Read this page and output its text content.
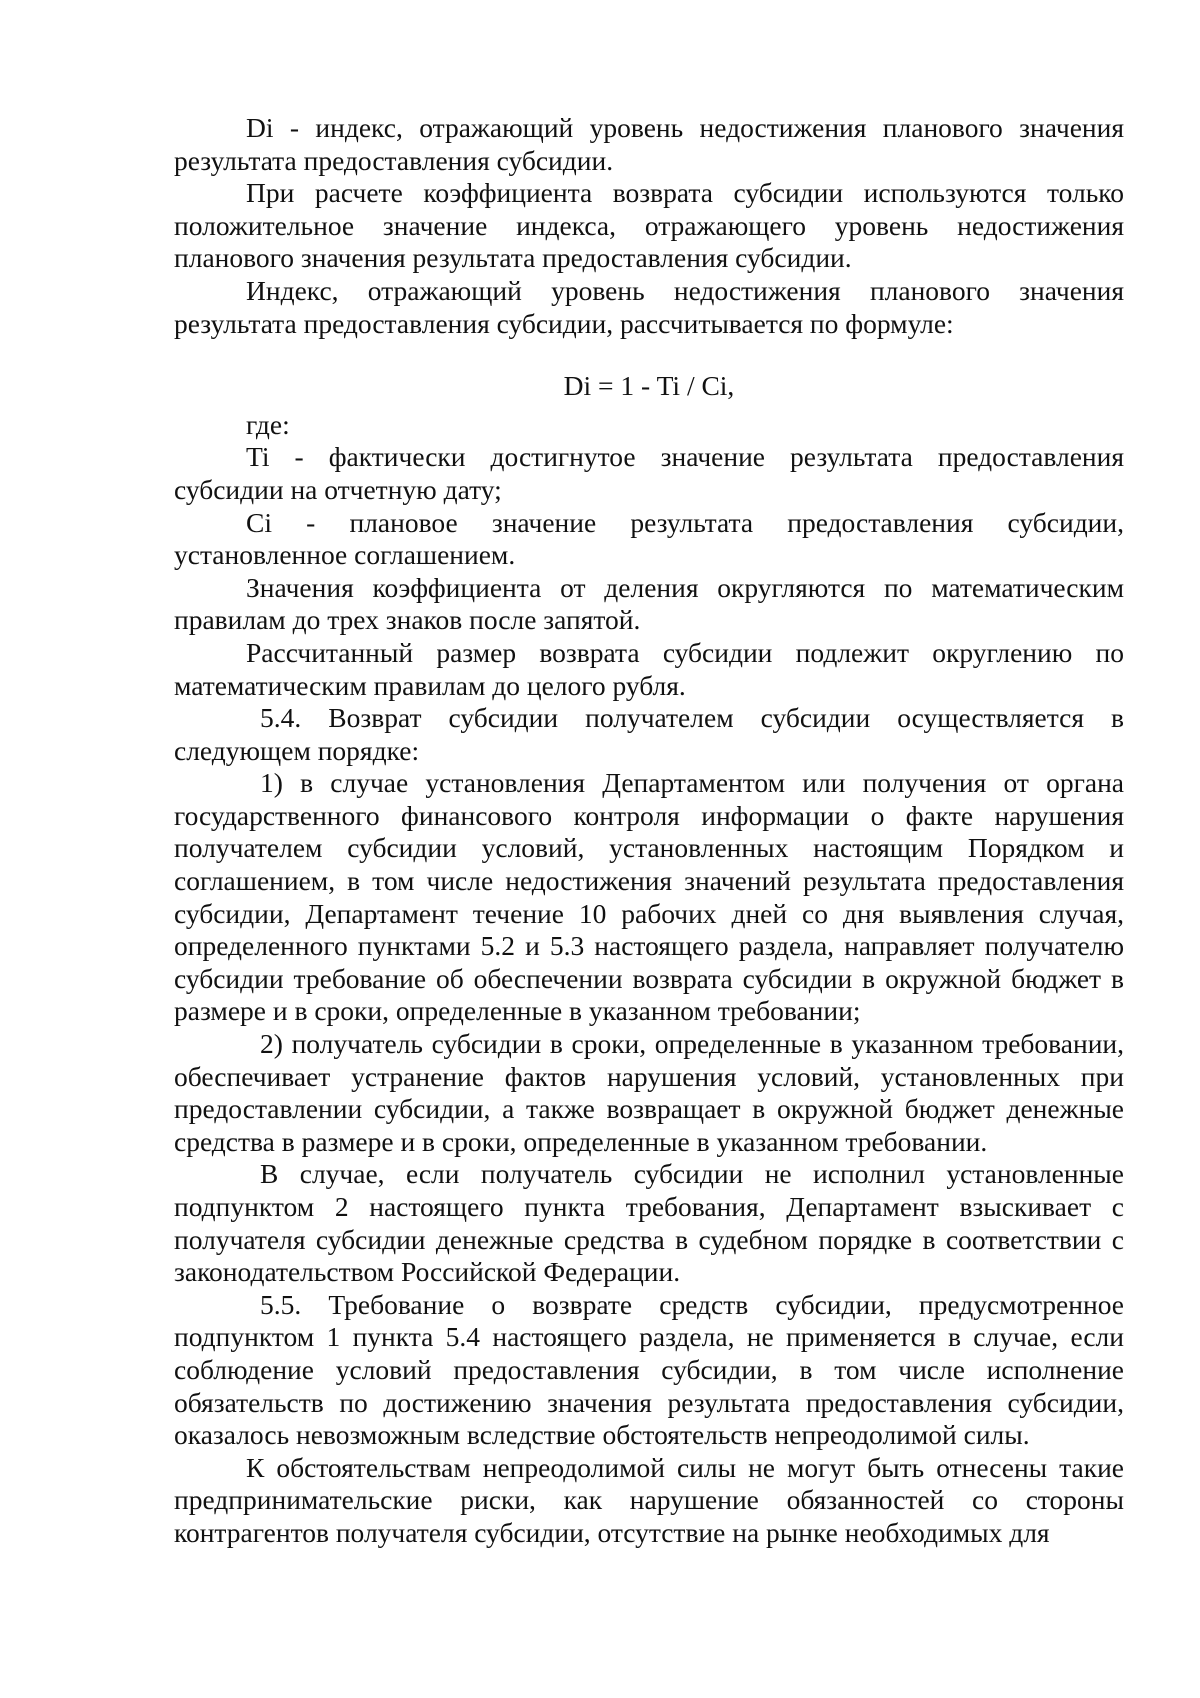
Di - индекс, отражающий уровень недостижения планового значения результата предоставления субсидии.

При расчете коэффициента возврата субсидии используются только положительное значение индекса, отражающего уровень недостижения планового значения результата предоставления субсидии.

Индекс, отражающий уровень недостижения планового значения результата предоставления субсидии, рассчитывается по формуле:

Di = 1 - Ti / Ci,

где:

Ti - фактически достигнутое значение результата предоставления субсидии на отчетную дату;

Ci - плановое значение результата предоставления субсидии, установленное соглашением.

Значения коэффициента от деления округляются по математическим правилам до трех знаков после запятой.

Рассчитанный размер возврата субсидии подлежит округлению по математическим правилам до целого рубля.

5.4. Возврат субсидии получателем субсидии осуществляется в следующем порядке:

1) в случае установления Департаментом или получения от органа государственного финансового контроля информации о факте нарушения получателем субсидии условий, установленных настоящим Порядком и соглашением, в том числе недостижения значений результата предоставления субсидии, Департамент течение 10 рабочих дней со дня выявления случая, определенного пунктами 5.2 и 5.3 настоящего раздела, направляет получателю субсидии требование об обеспечении возврата субсидии в окружной бюджет в размере и в сроки, определенные в указанном требовании;

2) получатель субсидии в сроки, определенные в указанном требовании, обеспечивает устранение фактов нарушения условий, установленных при предоставлении субсидии, а также возвращает в окружной бюджет денежные средства в размере и в сроки, определенные в указанном требовании.

В случае, если получатель субсидии не исполнил установленные подпунктом 2 настоящего пункта требования, Департамент взыскивает с получателя субсидии денежные средства в судебном порядке в соответствии с законодательством Российской Федерации.

5.5. Требование о возврате средств субсидии, предусмотренное подпунктом 1 пункта 5.4 настоящего раздела, не применяется в случае, если соблюдение условий предоставления субсидии, в том числе исполнение обязательств по достижению значения результата предоставления субсидии, оказалось невозможным вследствие обстоятельств непреодолимой силы.

К обстоятельствам непреодолимой силы не могут быть отнесены такие предпринимательские риски, как нарушение обязанностей со стороны контрагентов получателя субсидии, отсутствие на рынке необходимых для
